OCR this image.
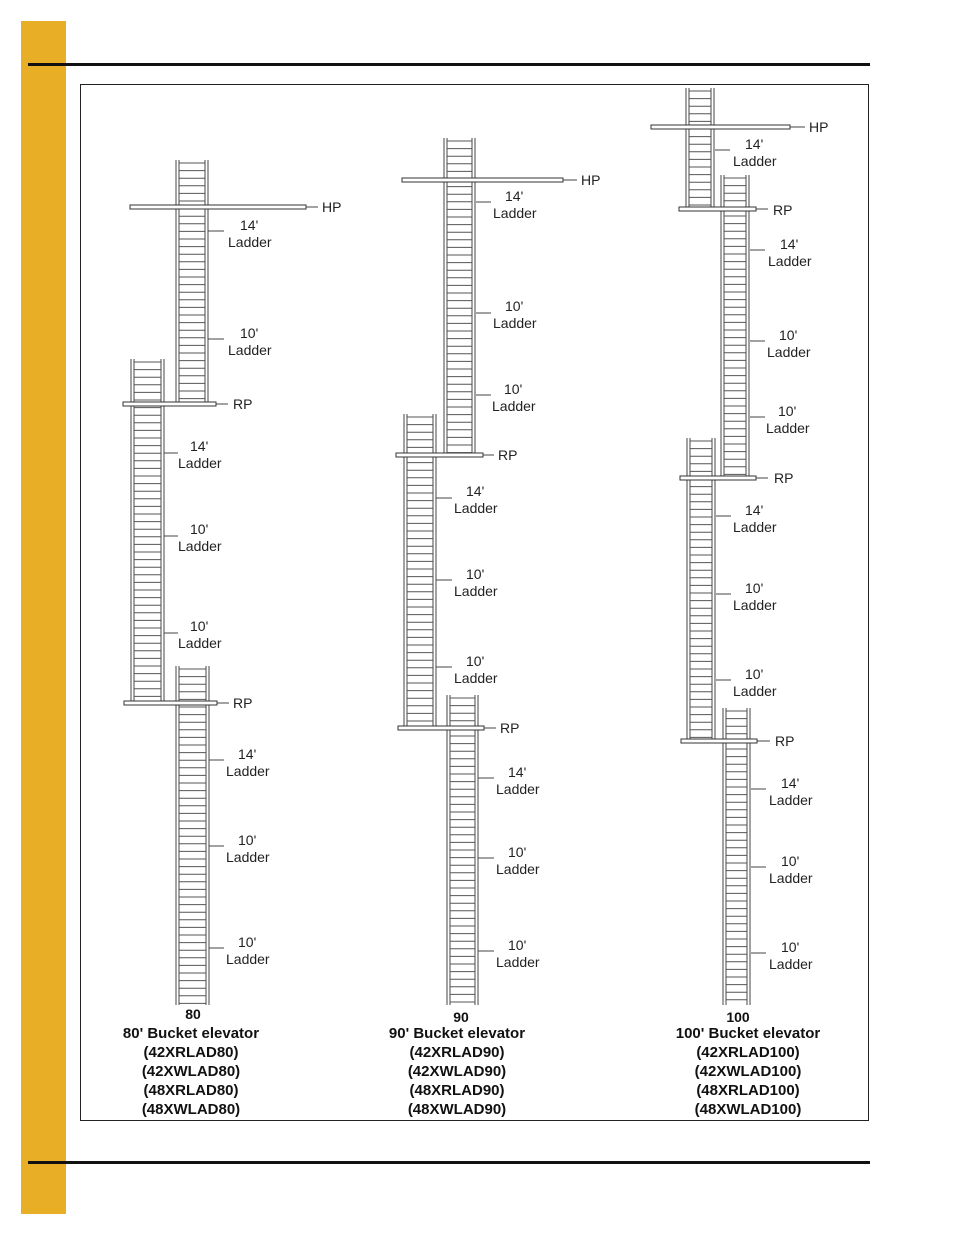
HP
14'
Ladder
10'
Ladder
RP
14'
Ladder
10'
Ladder
10'
Ladder
RP
14'
Ladder
10'
Ladder
10'
Ladder
HP
14'
Ladder
10'
Ladder
10'
Ladder
RP
14'
Ladder
10'
Ladder
10'
Ladder
RP
14'
Ladder
10'
Ladder
10'
Ladder
HP
14'
Ladder
RP
14'
Ladder
10'
Ladder
10'
Ladder
RP
14'
Ladder
10'
Ladder
10'
Ladder
RP
14'
Ladder
10'
Ladder
10'
Ladder
80
80' Bucket elevator
(42XRLAD80)
(42XWLAD80)
(48XRLAD80)
(48XWLAD80)
90
90' Bucket elevator
(42XRLAD90)
(42XWLAD90)
(48XRLAD90)
(48XWLAD90)
100
100' Bucket elevator
(42XRLAD100)
(42XWLAD100)
(48XRLAD100)
(48XWLAD100)
